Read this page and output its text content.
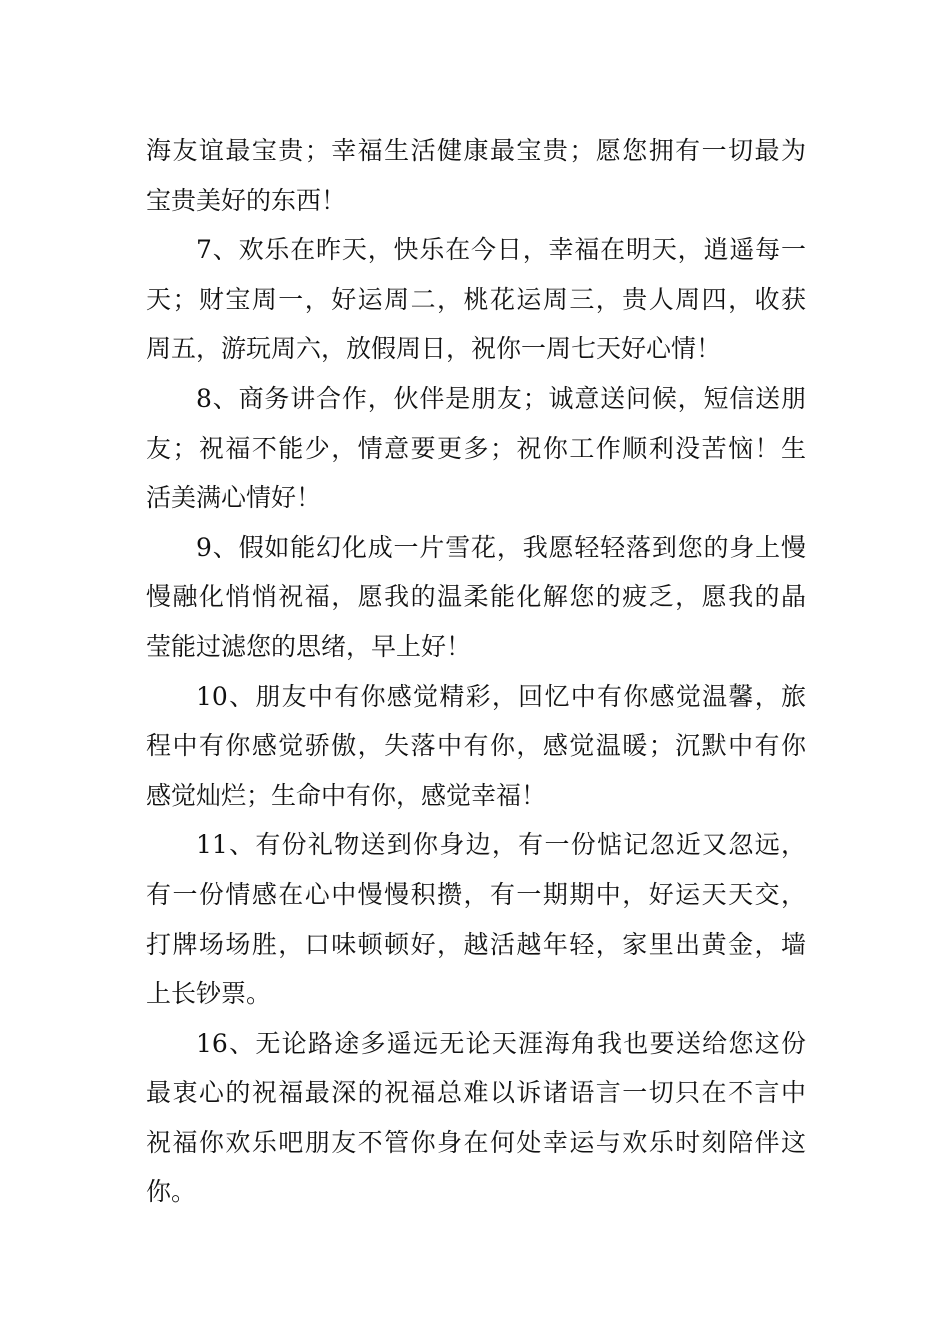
海友谊最宝贵；幸福生活健康最宝贵；愿您拥有一切最为
宝贵美好的东西！
7、欢乐在昨天，快乐在今日，幸福在明天，逍遥每一
天；财宝周一，好运周二，桃花运周三，贵人周四，收获
周五，游玩周六，放假周日，祝你一周七天好心情！
8、商务讲合作，伙伴是朋友；诚意送问候，短信送朋
友；祝福不能少，情意要更多；祝你工作顺利没苦恼！生
活美满心情好！
9、假如能幻化成一片雪花，我愿轻轻落到您的身上慢
慢融化悄悄祝福，愿我的温柔能化解您的疲乏，愿我的晶
莹能过滤您的思绪，早上好！
10、朋友中有你感觉精彩，回忆中有你感觉温馨，旅
程中有你感觉骄傲，失落中有你，感觉温暖；沉默中有你
感觉灿烂；生命中有你，感觉幸福！
11、有份礼物送到你身边，有一份惦记忽近又忽远，
有一份情感在心中慢慢积攒，有一期期中，好运天天交，
打牌场场胜，口味顿顿好，越活越年轻，家里出黄金，墙
上长钞票。
16、无论路途多遥远无论天涯海角我也要送给您这份
最衷心的祝福最深的祝福总难以诉诸语言一切只在不言中
祝福你欢乐吧朋友不管你身在何处幸运与欢乐时刻陪伴这
你。
